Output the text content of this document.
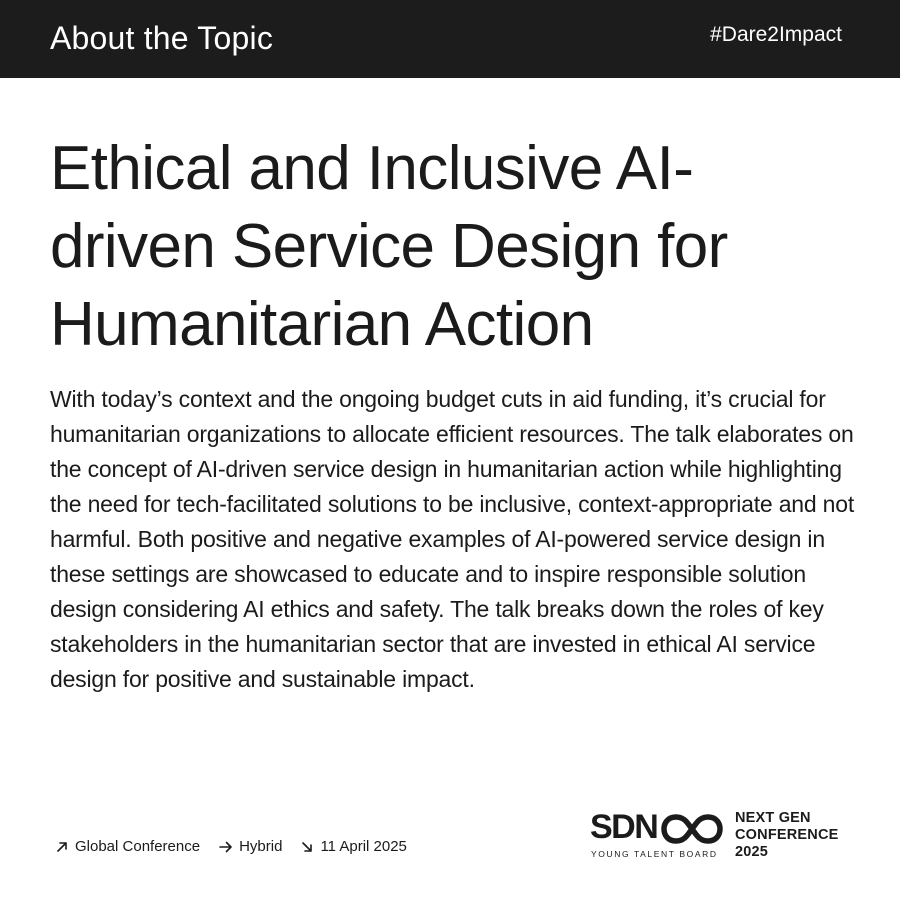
About the Topic	#Dare2Impact
Ethical and Inclusive AI-driven Service Design for Humanitarian Action

With today’s context and the ongoing budget cuts in aid funding, it’s crucial for humanitarian organizations to allocate efficient resources. The talk elaborates on the concept of AI-driven service design in humanitarian action while highlighting the need for tech-facilitated solutions to be inclusive, context-appropriate and not harmful. Both positive and negative examples of AI-powered service design in these settings are showcased to educate and to inspire responsible solution design considering AI ethics and safety. The talk breaks down the roles of key stakeholders in the humanitarian sector that are invested in ethical AI service design for positive and sustainable impact.

Global Conference	Hybrid	11 April 2025
SDN
YOUNG TALENT BOARD
NEXT GEN
CONFERENCE
2025
